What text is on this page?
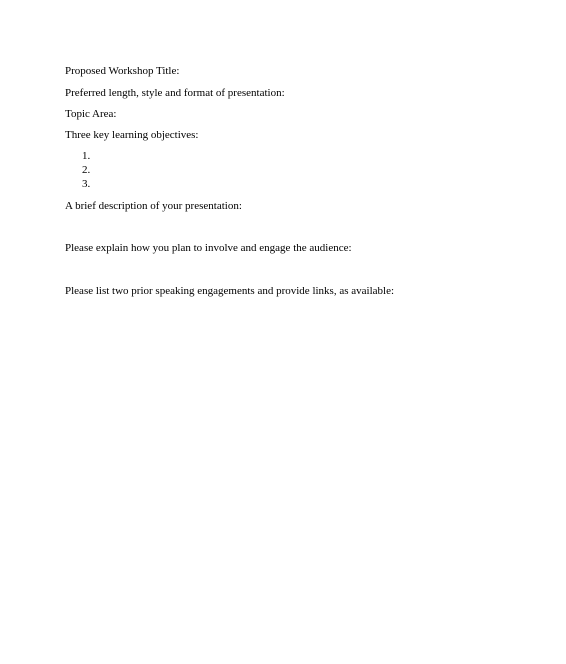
Proposed Workshop Title:
Preferred length, style and format of presentation:
Topic Area:
Three key learning objectives:
1.
2.
3.
A brief description of your presentation:
Please explain how you plan to involve and engage the audience:
Please list two prior speaking engagements and provide links, as available:
